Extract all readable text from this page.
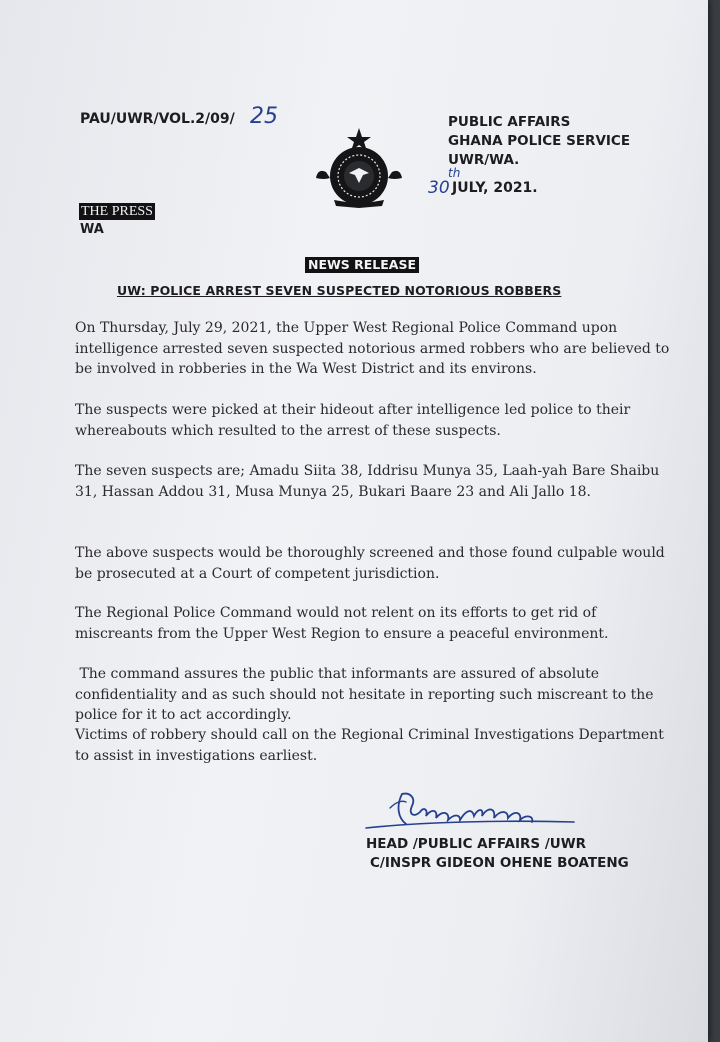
PAU/UWR/VOL.2/09/ 25	PUBLIC AFFAIRS
GHANA POLICE SERVICE
UWR/WA.
th
30 JULY, 2021.
THE PRESS
WA
NEWS RELEASE
UW: POLICE ARREST SEVEN SUSPECTED NOTORIOUS ROBBERS
On Thursday, July 29, 2021, the Upper West Regional Police Command upon intelligence arrested seven suspected notorious armed robbers who are believed to be involved in robberies in the Wa West District and its environs.
The suspects were picked at their hideout after intelligence led police to their whereabouts which resulted to the arrest of these suspects.
The seven suspects are; Amadu Siita 38, Iddrisu Munya 35, Laah-yah Bare Shaibu 31, Hassan Addou 31, Musa Munya 25, Bukari Baare 23 and Ali Jallo 18.
The above suspects would be thoroughly screened and those found culpable would be prosecuted at a Court of competent jurisdiction.
The Regional Police Command would not relent on its efforts to get rid of miscreants from the Upper West Region to ensure a peaceful environment.
The command assures the public that informants are assured of absolute confidentiality and as such should not hesitate in reporting such miscreant to the police for it to act accordingly.
Victims of robbery should call on the Regional Criminal Investigations Department to assist in investigations earliest.
HEAD /PUBLIC AFFAIRS /UWR
C/INSPR GIDEON OHENE BOATENG
